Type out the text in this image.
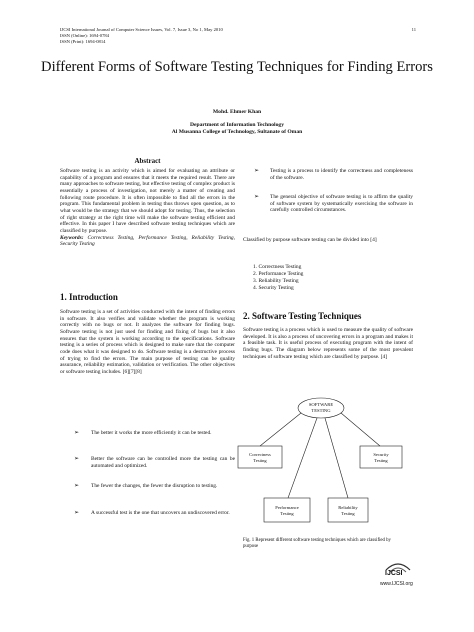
IJCSI International Journal of Computer Science Issues, Vol. 7, Issue 3, No 1, May 2010
ISSN (Online): 1694-0784
ISSN (Print): 1694-0814
11
Different Forms of Software Testing Techniques for Finding Errors
Mohd. Ehmer Khan
Department of Information Technology
Al Musanna College of Technology, Sultanate of Oman
Abstract
Software testing is an activity which is aimed for evaluating an attribute or capability of a program and ensures that it meets the required result. There are many approaches to software testing, but effective testing of complex product is essentially a process of investigation, not merely a matter of creating and following route procedure. It is often impossible to find all the errors in the program. This fundamental problem in testing thus throws open question, as to what would be the strategy that we should adopt for testing. Thus, the selection of right strategy at the right time will make the software testing efficient and effective. In this paper I have described software testing techniques which are classified by purpose.
Keywords: Correctness Testing, Performance Testing, Reliability Testing, Security Testing
1. Introduction
Software testing is a set of activities conducted with the intent of finding errors in software. It also verifies and validate whether the program is working correctly with no bugs or not. It analyzes the software for finding bugs. Software testing is not just used for finding and fixing of bugs but it also ensures that the system is working according to the specifications. Software testing is a series of process which is designed to make sure that the computer code does what it was designed to do. Software testing is a destructive process of trying to find the errors. The main purpose of testing can be quality assurance, reliability estimation, validation or verification. The other objectives or software testing includes. [6][7][8]
➢ The better it works the more efficiently it can be tested.
➢ Better the software can be controlled more the testing can be automated and optimized.
➢ The fewer the changes, the fewer the disruption to testing.
➢ A successful test is the one that uncovers an undiscovered error.
➢ Testing is a process to identify the correctness and completeness of the software.
➢ The general objective of software testing is to affirm the quality of software system by systematically exercising the software in carefully controlled circumstances.
Classified by purpose software testing can be divided into [4]
1. Correctness Testing
2. Performance Testing
3. Reliability Testing
4. Security Testing
2. Software Testing Techniques
Software testing is a process which is used to measure the quality of software developed. It is also a process of uncovering errors in a program and makes it a feasible task. It is useful process of executing program with the intent of finding bugs. The diagram below represents some of the most prevalent techniques of software testing which are classified by purpose. [4]
SOFTWARE
TESTING
Correctness
Testing
Security
Testing
Performance
Testing
Reliability
Testing
Fig. 1 Represent different software testing techniques which are classified by purpose
IJCSI
www.IJCSI.org
